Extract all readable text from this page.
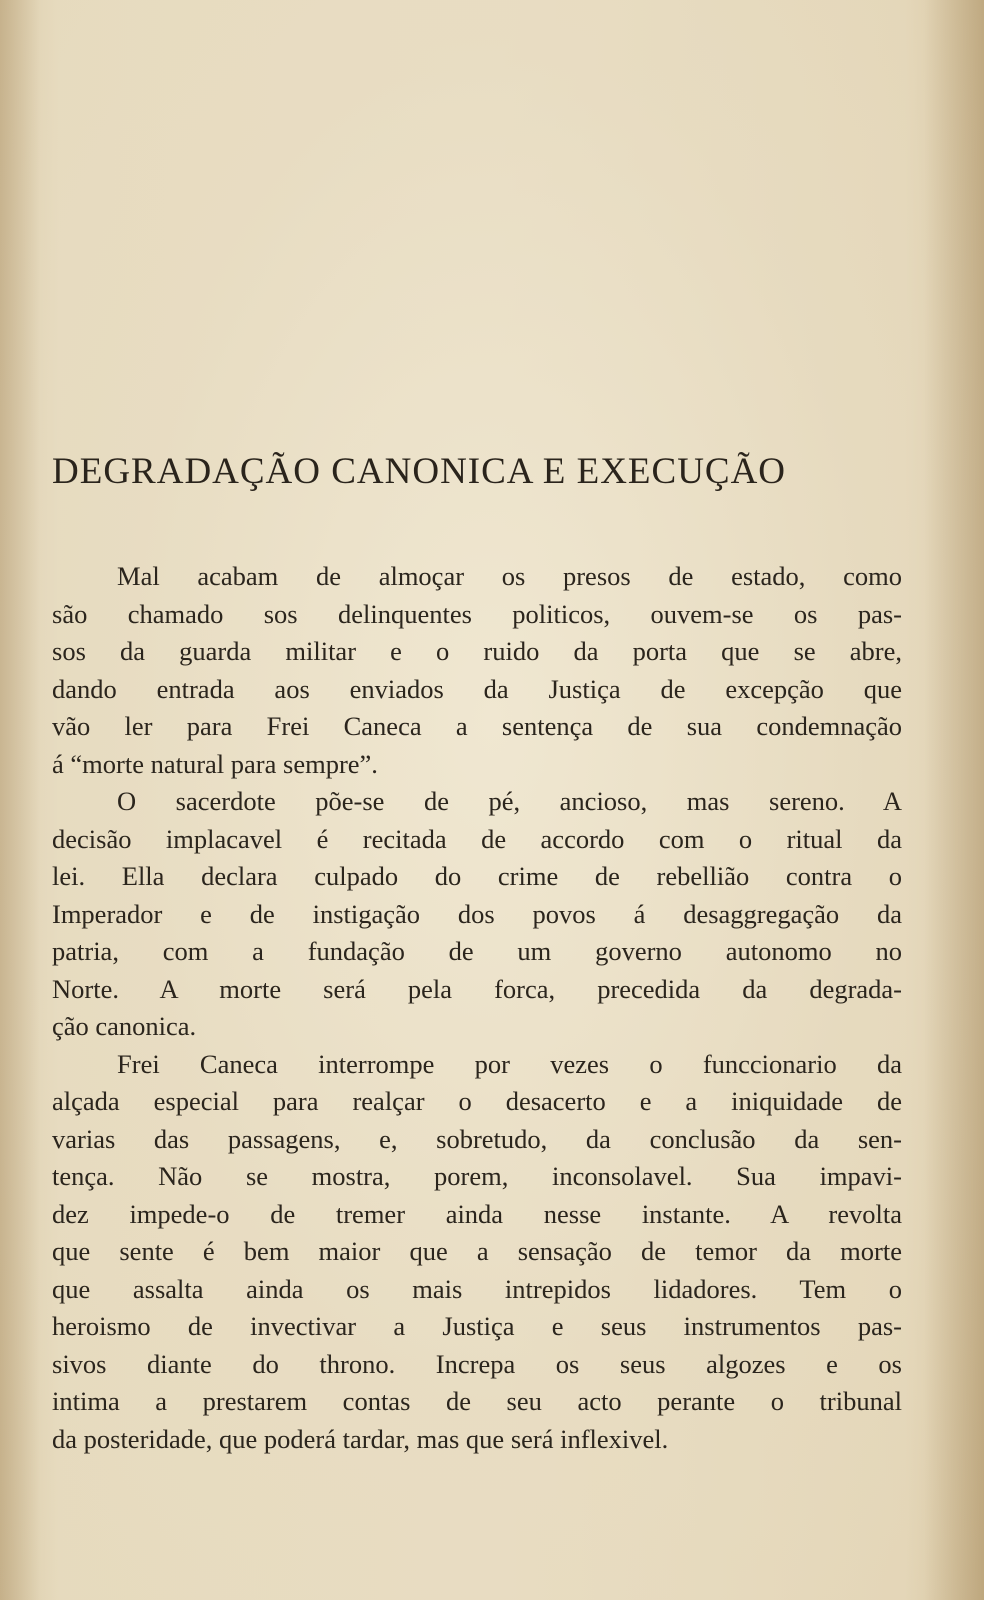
DEGRADAÇÃO CANONICA E EXECUÇÃO
Mal acabam de almoçar os presos de estado, como
são chamado sos delinquentes politicos, ouvem-se os pas-
sos da guarda militar e o ruido da porta que se abre,
dando entrada aos enviados da Justiça de excepção que
vão ler para Frei Caneca a sentença de sua condemnação
á “morte natural para sempre”.
O sacerdote põe-se de pé, ancioso, mas sereno. A
decisão implacavel é recitada de accordo com o ritual da
lei. Ella declara culpado do crime de rebellião contra o
Imperador e de instigação dos povos á desaggregação da
patria, com a fundação de um governo autonomo no
Norte. A morte será pela forca, precedida da degrada-
ção canonica.
Frei Caneca interrompe por vezes o funccionario da
alçada especial para realçar o desacerto e a iniquidade de
varias das passagens, e, sobretudo, da conclusão da sen-
tença. Não se mostra, porem, inconsolavel. Sua impavi-
dez impede-o de tremer ainda nesse instante. A revolta
que sente é bem maior que a sensação de temor da morte
que assalta ainda os mais intrepidos lidadores. Tem o
heroismo de invectivar a Justiça e seus instrumentos pas-
sivos diante do throno. Increpa os seus algozes e os
intima a prestarem contas de seu acto perante o tribunal
da posteridade, que poderá tardar, mas que será inflexivel.
